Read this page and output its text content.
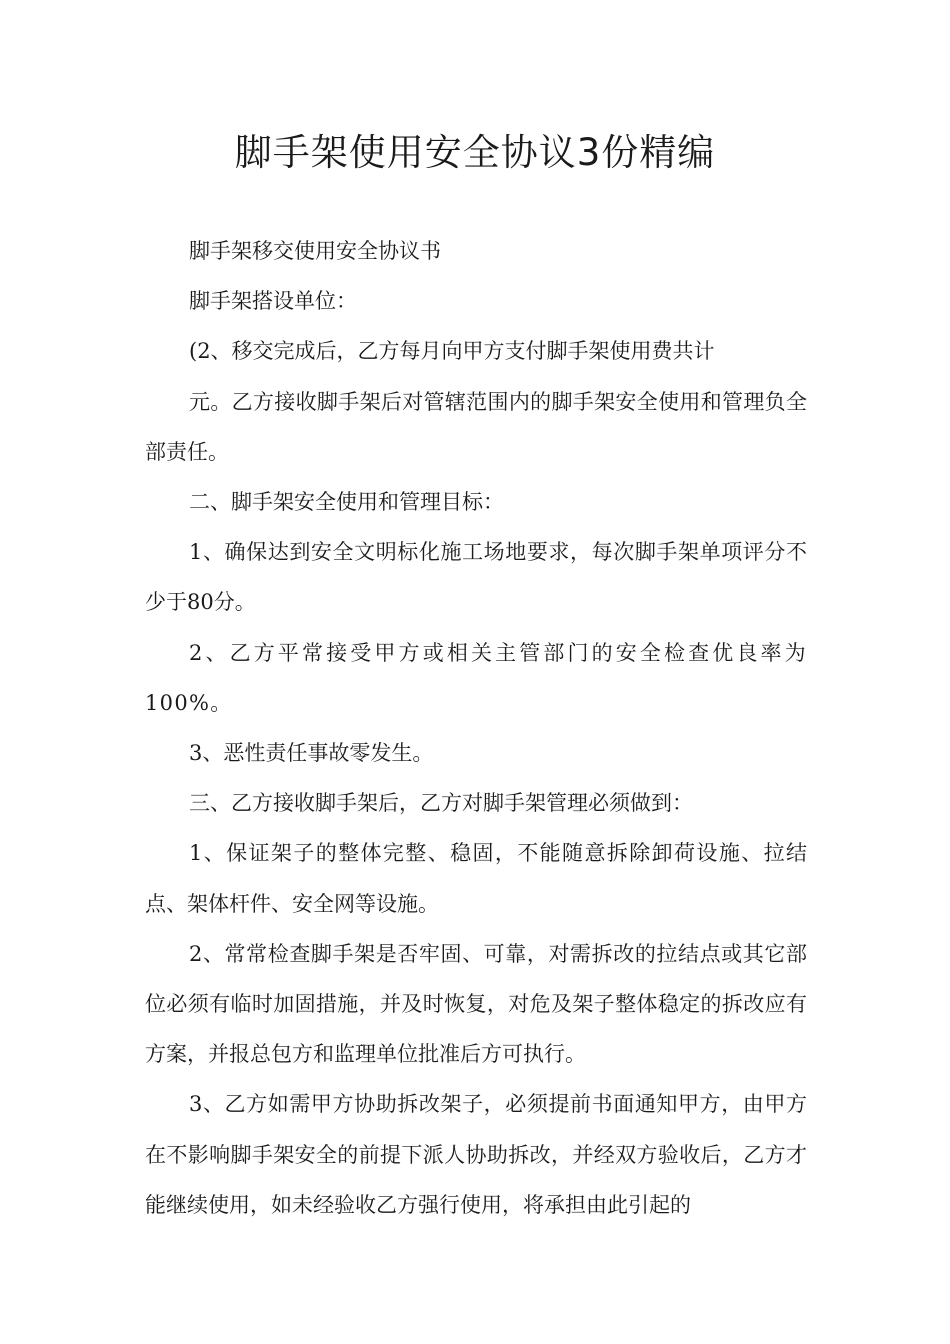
脚手架使用安全协议3份精编

脚手架移交使用安全协议书

脚手架搭设单位：

(2、移交完成后，乙方每月向甲方支付脚手架使用费共计

元。乙方接收脚手架后对管辖范围内的脚手架安全使用和管理负全部责任。

二、脚手架安全使用和管理目标：

1、确保达到安全文明标化施工场地要求，每次脚手架单项评分不少于80分。

2、乙方平常接受甲方或相关主管部门的安全检查优良率为100%。

3、恶性责任事故零发生。

三、乙方接收脚手架后，乙方对脚手架管理必须做到：

1、保证架子的整体完整、稳固，不能随意拆除卸荷设施、拉结点、架体杆件、安全网等设施。

2、常常检查脚手架是否牢固、可靠，对需拆改的拉结点或其它部位必须有临时加固措施，并及时恢复，对危及架子整体稳定的拆改应有方案，并报总包方和监理单位批准后方可执行。

3、乙方如需甲方协助拆改架子，必须提前书面通知甲方，由甲方在不影响脚手架安全的前提下派人协助拆改，并经双方验收后，乙方才能继续使用，如未经验收乙方强行使用，将承担由此引起的
